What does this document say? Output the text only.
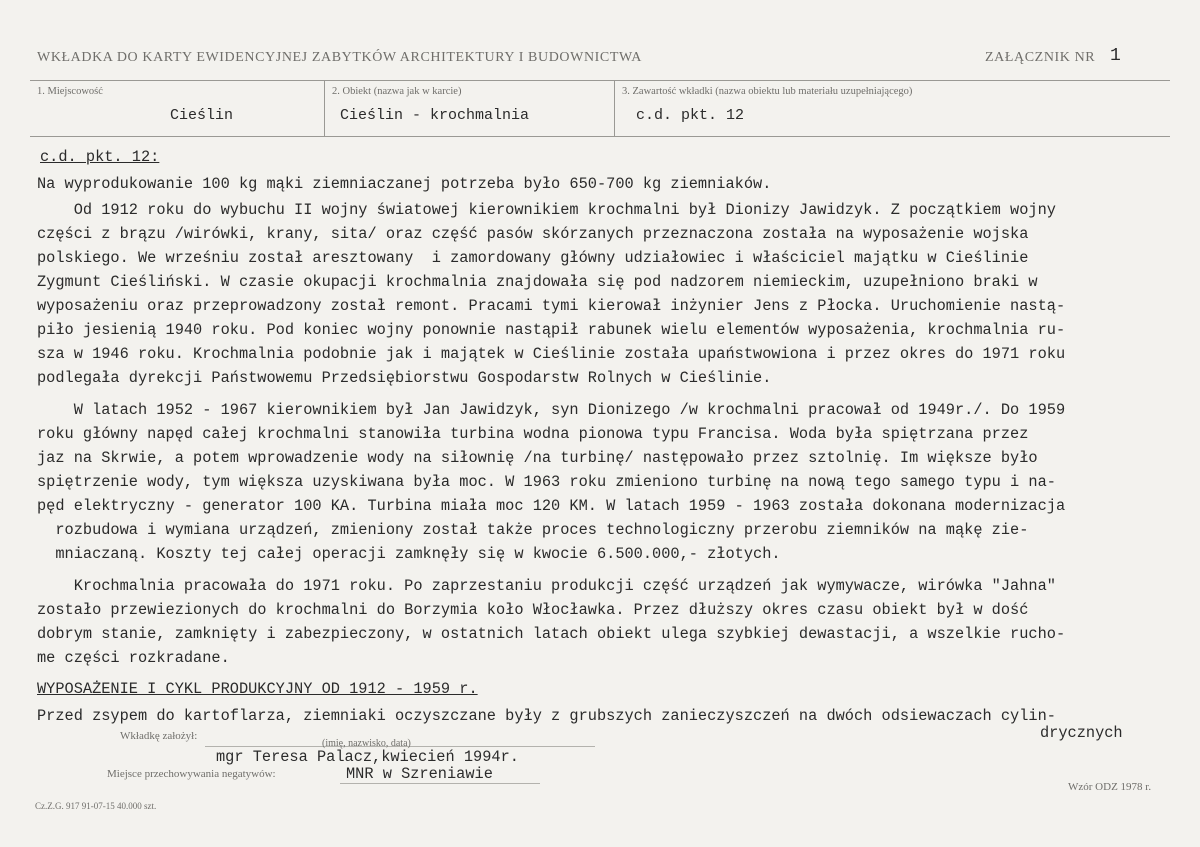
WKŁADKA DO KARTY EWIDENCYJNEJ ZABYTKÓW ARCHITEKTURY I BUDOWNICTWA	ZAŁĄCZNIK NR 1
1. Miejscowość
Cieślin
2. Obiekt (nazwa jak w karcie)
Cieślin - krochmalnia
3. Zawartość wkładki (nazwa obiektu lub materiału uzupełniającego)
c.d. pkt. 12
c.d. pkt. 12:
Na wyprodukowanie 100 kg mąki ziemniaczanej potrzeba było 650-700 kg ziemniaków.
Od 1912 roku do wybuchu II wojny światowej kierownikiem krochmalni był Dionizy Jawidzyk. Z początkiem wojny
części z brązu /wirówki, krany, sita/ oraz część pasów skórzanych przeznaczona została na wyposażenie wojska
polskiego. We wrześniu został aresztowany  i zamordowany główny udziałowiec i właściciel majątku w Cieślinie
Zygmunt Cieśliński. W czasie okupacji krochmalnia znajdowała się pod nadzorem niemieckim, uzupełniono braki w
wyposażeniu oraz przeprowadzony został remont. Pracami tymi kierował inżynier Jens z Płocka. Uruchomienie nastą-
piło jesienią 1940 roku. Pod koniec wojny ponownie nastąpił rabunek wielu elementów wyposażenia, krochmalnia ru-
sza w 1946 roku. Krochmalnia podobnie jak i majątek w Cieślinie została upaństwowiona i przez okres do 1971 roku
podlegała dyrekcji Państwowemu Przedsiębiorstwu Gospodarstw Rolnych w Cieślinie.
W latach 1952 - 1967 kierownikiem był Jan Jawidzyk, syn Dionizego /w krochmalni pracował od 1949r./. Do 1959
roku główny napęd całej krochmalni stanowiła turbina wodna pionowa typu Francisa. Woda była spiętrzana przez
jaz na Skrwie, a potem wprowadzenie wody na siłownię /na turbinę/ następowało przez sztolnię. Im większe było
spiętrzenie wody, tym większa uzyskiwana była moc. W 1963 roku zmieniono turbinę na nową tego samego typu i na-
pęd elektryczny - generator 100 KA. Turbina miała moc 120 KM. W latach 1959 - 1963 została dokonana modernizacja
rozbudowa i wymiana urządzeń, zmieniony został także proces technologiczny przerobu ziemników na mąkę zie-
mniaczaną. Koszty tej całej operacji zamknęły się w kwocie 6.500.000,- złotych.
Krochmalnia pracowała do 1971 roku. Po zaprzestaniu produkcji część urządzeń jak wymywacze, wirówka "Jahna"
zostało przewiezionych do krochmalni do Borzymia koło Włocławka. Przez dłuższy okres czasu obiekt był w dość
dobrym stanie, zamknięty i zabezpieczony, w ostatnich latach obiekt ulega szybkiej dewastacji, a wszelkie rucho-
me części rozkradane.
WYPOSAŻENIE I CYKL PRODUKCYJNY OD 1912 - 1959 r.
Przed zsypem do kartoflarza, ziemniaki oczyszczane były z grubszych zanieczyszczeń na dwóch odsiewaczach cylin-
drycznych
Wkładkę założył:
(imię, nazwisko, data)
mgr Teresa Palacz,kwiecień 1994r.
Miejsce przechowywania negatywów:	MNR w Szreniawie
Wzór ODZ 1978 r.
Cz.Z.G. 917 91-07-15 40.000 szt.
